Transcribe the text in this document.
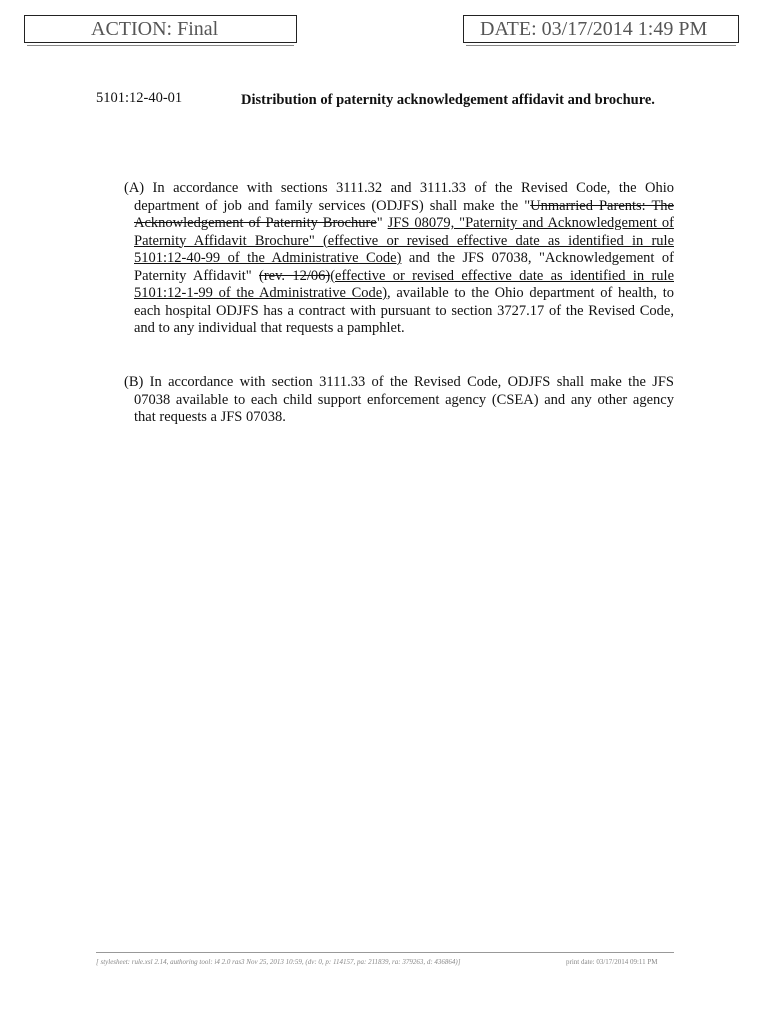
ACTION: Final	DATE: 03/17/2014 1:49 PM
5101:12-40-01	Distribution of paternity acknowledgement affidavit and brochure.
(A) In accordance with sections 3111.32 and 3111.33 of the Revised Code, the Ohio department of job and family services (ODJFS) shall make the "Unmarried Parents: The Acknowledgement of Paternity Brochure" JFS 08079, "Paternity and Acknowledgement of Paternity Affidavit Brochure" (effective or revised effective date as identified in rule 5101:12-40-99 of the Administrative Code) and the JFS 07038, "Acknowledgement of Paternity Affidavit" (rev. 12/06)(effective or revised effective date as identified in rule 5101:12-1-99 of the Administrative Code), available to the Ohio department of health, to each hospital ODJFS has a contract with pursuant to section 3727.17 of the Revised Code, and to any individual that requests a pamphlet.
(B) In accordance with section 3111.33 of the Revised Code, ODJFS shall make the JFS 07038 available to each child support enforcement agency (CSEA) and any other agency that requests a JFS 07038.
[ stylesheet: rule.xsl 2.14, authoring tool: i4 2.0 ras3 Nov 25, 2013 10:59, (dv: 0, p: 114157, pa: 211839, ra: 379263, d: 436864)]	print date: 03/17/2014 09:11 PM
